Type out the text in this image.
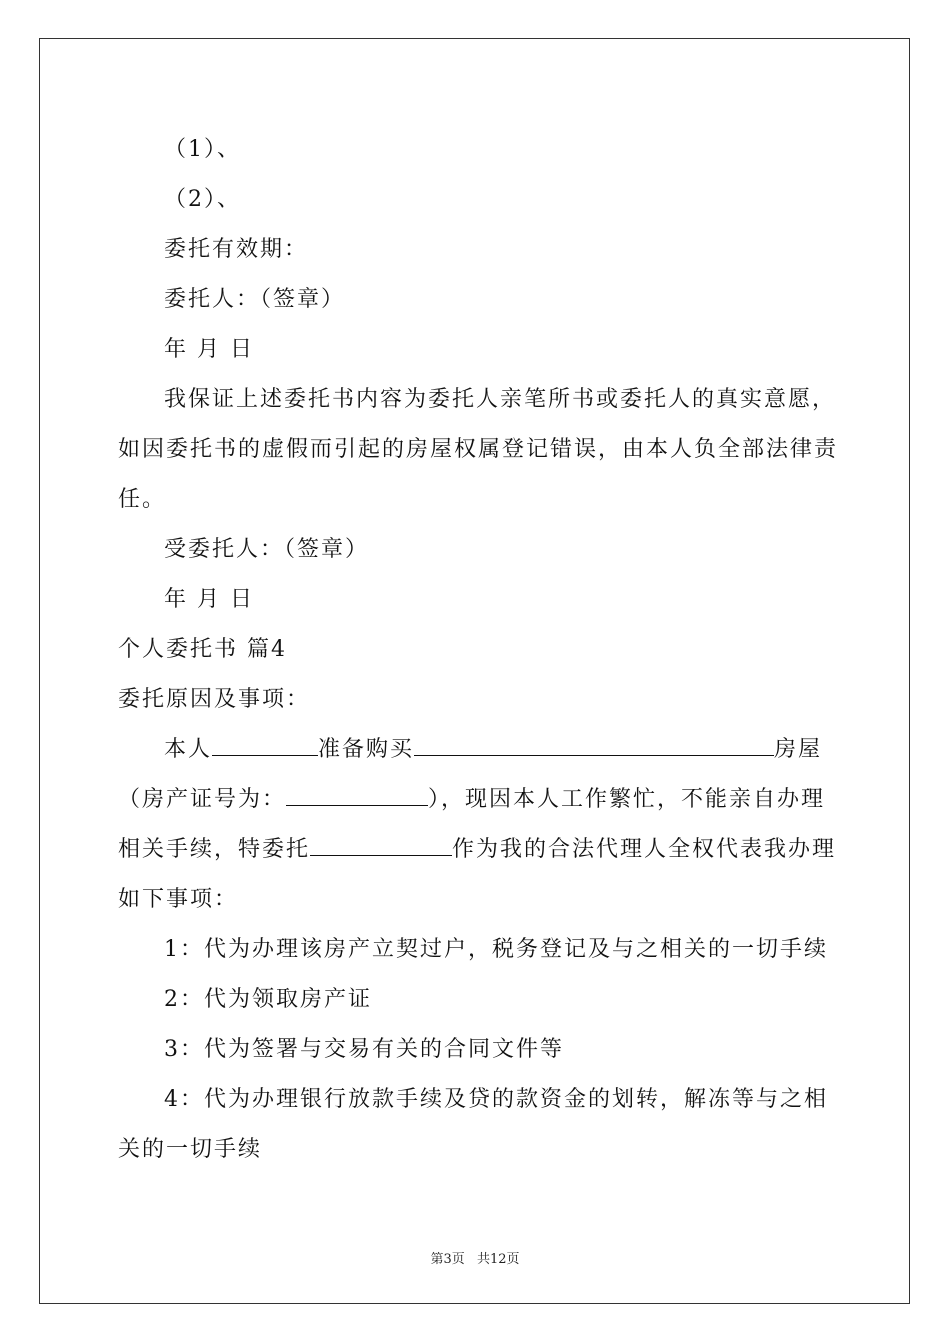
（1）、
（2）、
委托有效期：
委托人：（签章）
年 月 日
我保证上述委托书内容为委托人亲笔所书或委托人的真实意愿，如因委托书的虚假而引起的房屋权属登记错误，由本人负全部法律责任。
受委托人：（签章）
年 月 日
个人委托书 篇4
委托原因及事项：
本人	准备购买	房屋（房产证号为：	），现因本人工作繁忙，不能亲自办理相关手续，特委托	作为我的合法代理人全权代表我办理如下事项：
1：代为办理该房产立契过户，税务登记及与之相关的一切手续
2：代为领取房产证
3：代为签署与交易有关的合同文件等
4：代为办理银行放款手续及贷的款资金的划转，解冻等与之相关的一切手续
第3页 共12页
